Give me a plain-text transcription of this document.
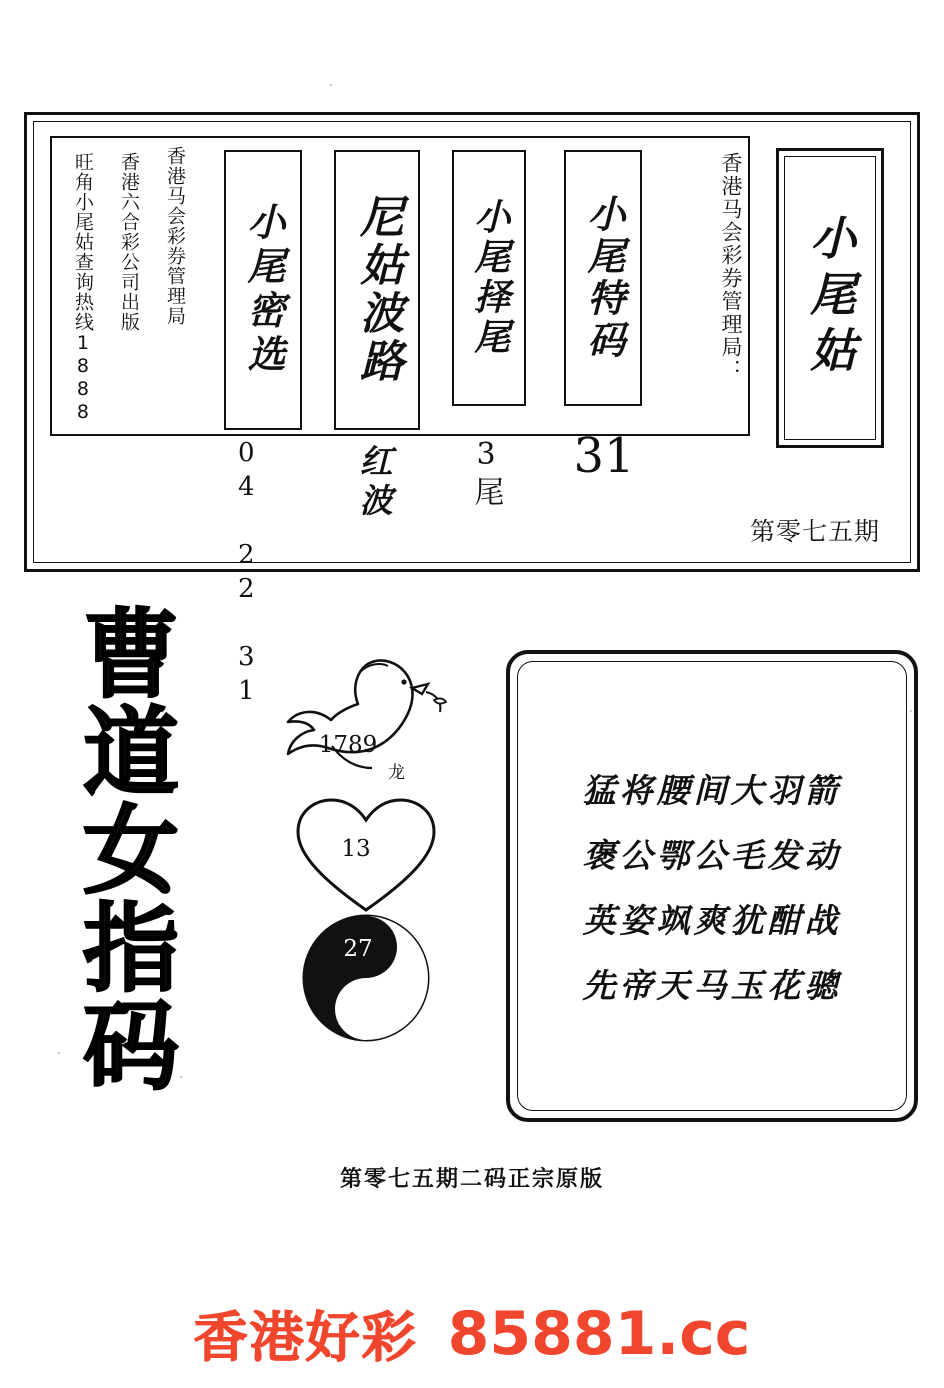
旺角小尾姑查询热线1888 香港六合彩公司出版 香港马会彩券管理局 小尾密选
04 22 31
尼姑波路
红波
小尾择尾
3尾
小尾特码
31
香港马会彩券管理局： 小尾姑
第零七五期
曹
道
女
指
码
1789
龙
13
27
猛将腰间大羽箭
褒公鄂公毛发动
英姿飒爽犹酣战
先帝天马玉花骢
第零七五期二码正宗原版
香港好彩 85881.cc
